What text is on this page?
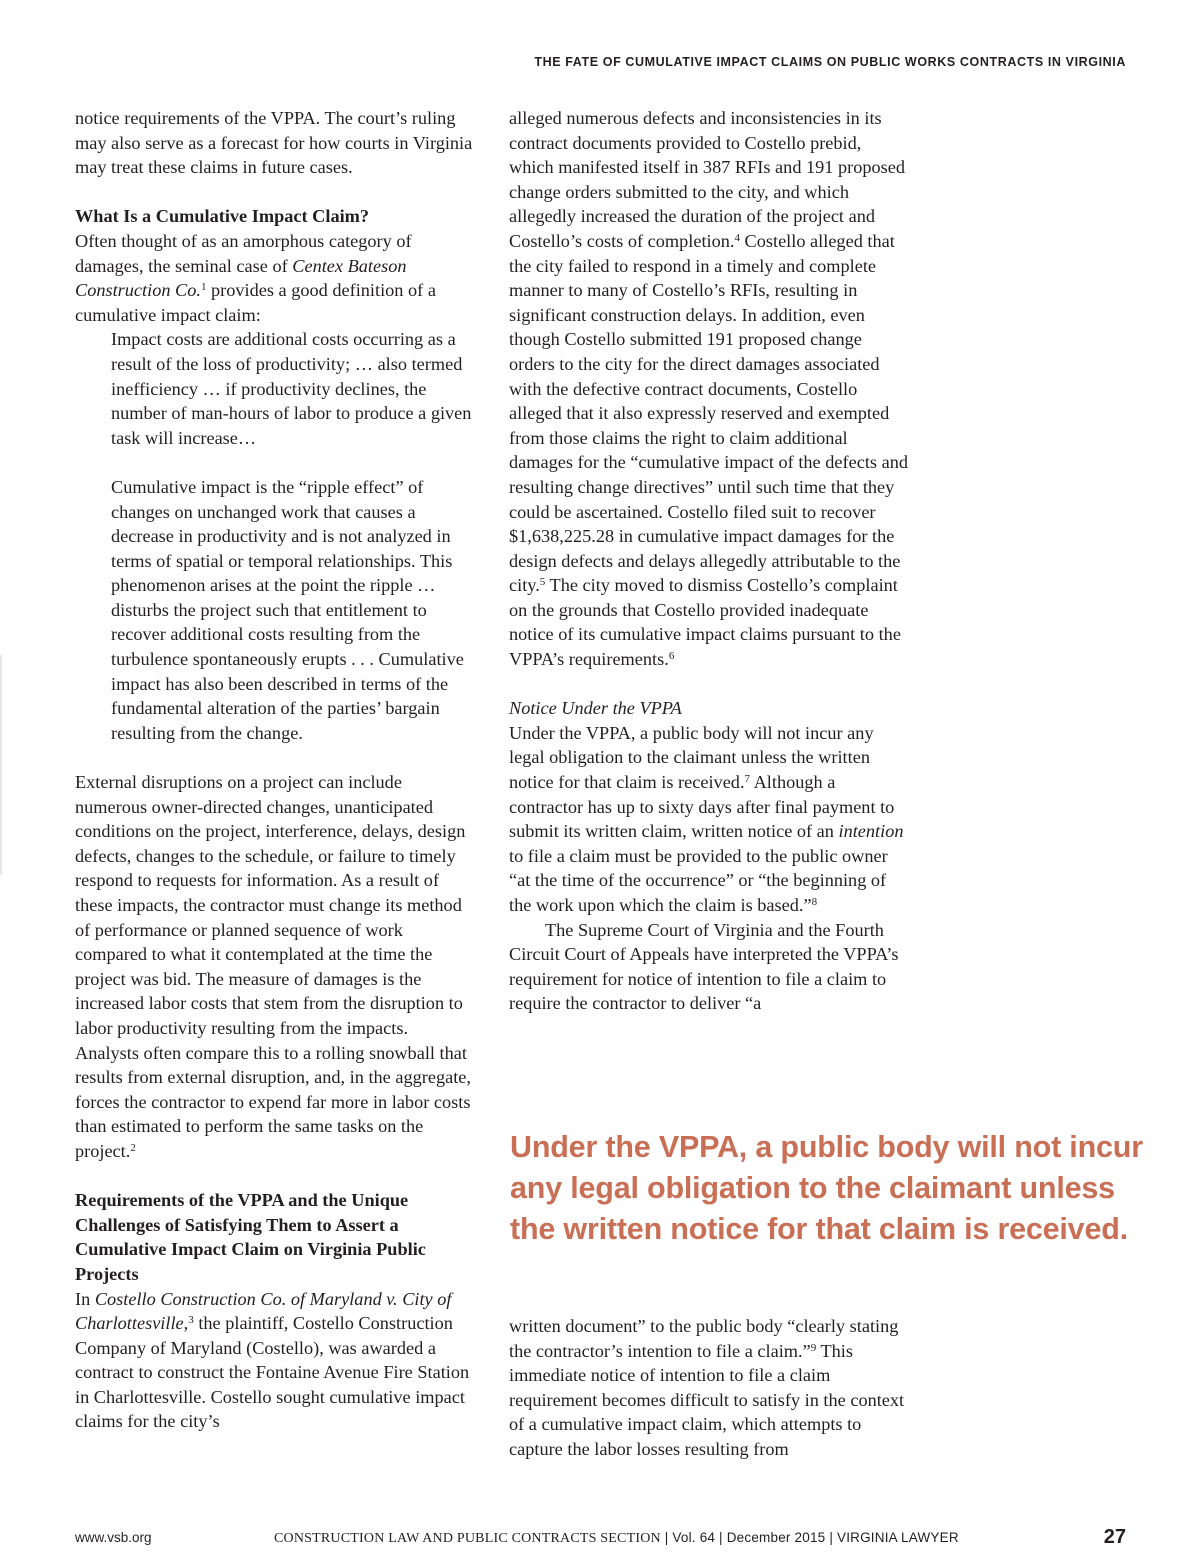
THE FATE OF CUMULATIVE IMPACT CLAIMS ON PUBLIC WORKS CONTRACTS IN VIRGINIA

notice requirements of the VPPA. The court’s ruling may also serve as a forecast for how courts in Virginia may treat these claims in future cases.

What Is a Cumulative Impact Claim?

Often thought of as an amorphous category of damages, the seminal case of Centex Bateson Construction Co.$^1$ provides a good definition of a cumulative impact claim:

Impact costs are additional costs occurring as a result of the loss of productivity; … also termed inefficiency … if productivity declines, the number of man-hours of labor to produce a given task will increase…

Cumulative impact is the “ripple effect” of changes on unchanged work that causes a decrease in productivity and is not analyzed in terms of spatial or temporal relationships. This phenomenon arises at the point the ripple … disturbs the project such that entitlement to recover additional costs resulting from the turbulence spontaneously erupts . . . Cumulative impact has also been described in terms of the fundamental alteration of the parties’ bargain resulting from the change.

External disruptions on a project can include numerous owner-directed changes, unanticipated conditions on the project, interference, delays, design defects, changes to the schedule, or failure to timely respond to requests for information. As a result of these impacts, the contractor must change its method of performance or planned sequence of work compared to what it contemplated at the time the project was bid. The measure of damages is the increased labor costs that stem from the disruption to labor productivity resulting from the impacts. Analysts often compare this to a rolling snowball that results from external disruption, and, in the aggregate, forces the contractor to expend far more in labor costs than estimated to perform the same tasks on the project.$^2$

Requirements of the VPPA and the Unique Challenges of Satisfying Them to Assert a Cumulative Impact Claim on Virginia Public Projects

In Costello Construction Co. of Maryland v. City of Charlottesville,$^3$ the plaintiff, Costello Construction Company of Maryland (Costello), was awarded a contract to construct the Fontaine Avenue Fire Station in Charlottesville. Costello sought cumulative impact claims for the city’s

alleged numerous defects and inconsistencies in its contract documents provided to Costello prebid, which manifested itself in 387 RFIs and 191 proposed change orders submitted to the city, and which allegedly increased the duration of the project and Costello’s costs of completion.$^4$ Costello alleged that the city failed to respond in a timely and complete manner to many of Costello’s RFIs, resulting in significant construction delays. In addition, even though Costello submitted 191 proposed change orders to the city for the direct damages associated with the defective contract documents, Costello alleged that it also expressly reserved and exempted from those claims the right to claim additional damages for the “cumulative impact of the defects and resulting change directives” until such time that they could be ascertained. Costello filed suit to recover $1,638,225.28 in cumulative impact damages for the design defects and delays allegedly attributable to the city.$^5$ The city moved to dismiss Costello’s complaint on the grounds that Costello provided inadequate notice of its cumulative impact claims pursuant to the VPPA’s requirements.$^6$

Notice Under the VPPA

Under the VPPA, a public body will not incur any legal obligation to the claimant unless the written notice for that claim is received.$^7$ Although a contractor has up to sixty days after final payment to submit its written claim, written notice of an intention to file a claim must be provided to the public owner “at the time of the occurrence” or “the beginning of the work upon which the claim is based.”$^8$

The Supreme Court of Virginia and the Fourth Circuit Court of Appeals have interpreted the VPPA’s requirement for notice of intention to file a claim to require the contractor to deliver “a

Under the VPPA, a public body will not incur any legal obligation to the claimant unless the written notice for that claim is received.

written document” to the public body “clearly stating the contractor’s intention to file a claim.”$^9$ This immediate notice of intention to file a claim requirement becomes difficult to satisfy in the context of a cumulative impact claim, which attempts to capture the labor losses resulting from

www.vsb.org	CONSTRUCTION LAW AND PUBLIC CONTRACTS SECTION | Vol. 64 | December 2015 | VIRGINIA LAWYER	27
